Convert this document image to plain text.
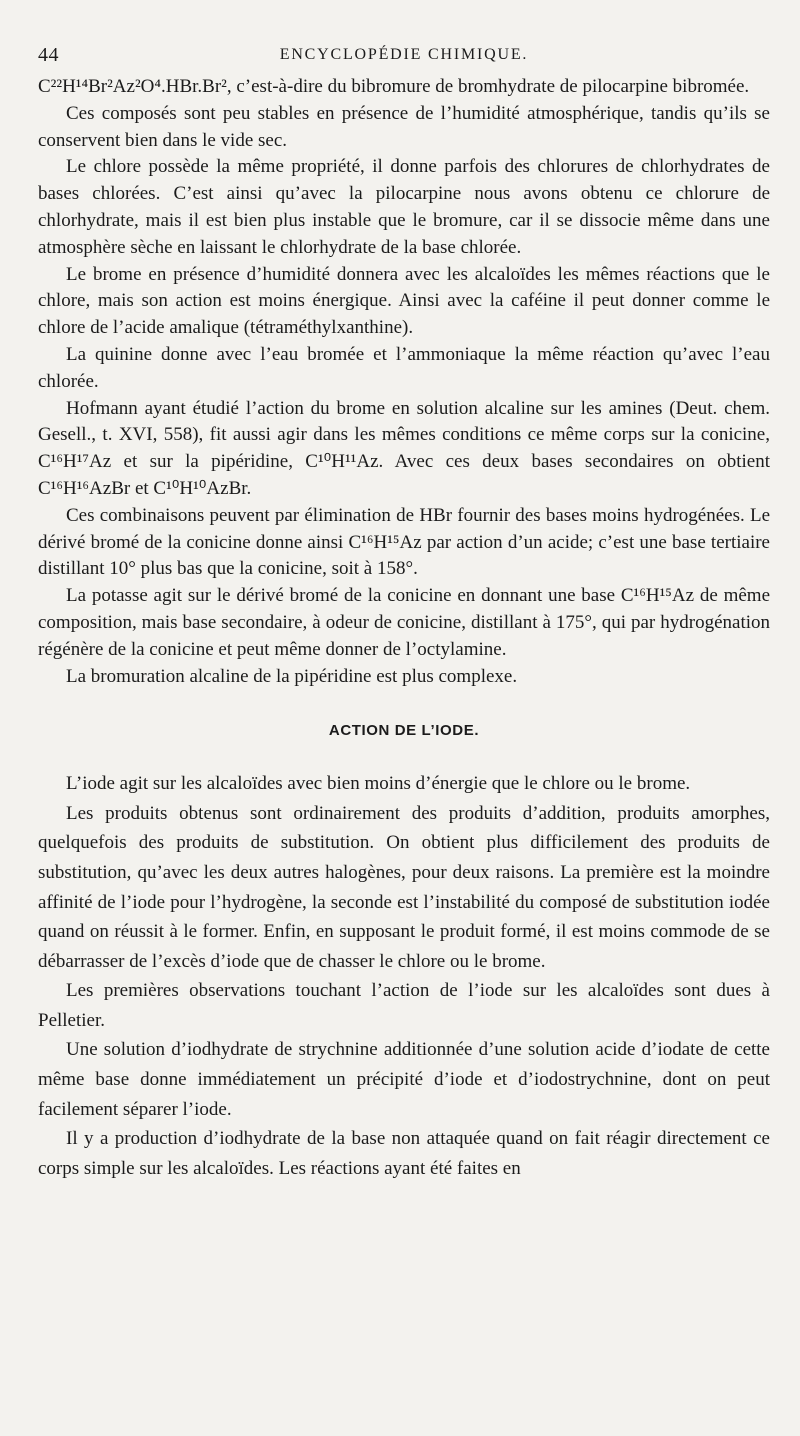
44	ENCYCLOPÉDIE CHIMIQUE.

C²²H¹⁴Br²Az²O⁴.HBr.Br², c’est-à-dire du bibromure de bromhydrate de pilocarpine bibromée.

Ces composés sont peu stables en présence de l’humidité atmosphérique, tandis qu’ils se conservent bien dans le vide sec.

Le chlore possède la même propriété, il donne parfois des chlorures de chlorhydrates de bases chlorées. C’est ainsi qu’avec la pilocarpine nous avons obtenu ce chlorure de chlorhydrate, mais il est bien plus instable que le bromure, car il se dissocie même dans une atmosphère sèche en laissant le chlorhydrate de la base chlorée.

Le brome en présence d’humidité donnera avec les alcaloïdes les mêmes réactions que le chlore, mais son action est moins énergique. Ainsi avec la caféine il peut donner comme le chlore de l’acide amalique (tétraméthylxanthine).

La quinine donne avec l’eau bromée et l’ammoniaque la même réaction qu’avec l’eau chlorée.

Hofmann ayant étudié l’action du brome en solution alcaline sur les amines (Deut. chem. Gesell., t. XVI, 558), fit aussi agir dans les mêmes conditions ce même corps sur la conicine, C¹⁶H¹⁷Az et sur la pipéridine, C¹⁰H¹¹Az. Avec ces deux bases secondaires on obtient C¹⁶H¹⁶AzBr et C¹⁰H¹⁰AzBr.

Ces combinaisons peuvent par élimination de HBr fournir des bases moins hydrogénées. Le dérivé bromé de la conicine donne ainsi C¹⁶H¹⁵Az par action d’un acide; c’est une base tertiaire distillant 10° plus bas que la conicine, soit à 158°.

La potasse agit sur le dérivé bromé de la conicine en donnant une base C¹⁶H¹⁵Az de même composition, mais base secondaire, à odeur de conicine, distillant à 175°, qui par hydrogénation régénère de la conicine et peut même donner de l’octylamine.

La bromuration alcaline de la pipéridine est plus complexe.

ACTION DE L’IODE.

L’iode agit sur les alcaloïdes avec bien moins d’énergie que le chlore ou le brome.

Les produits obtenus sont ordinairement des produits d’addition, produits amorphes, quelquefois des produits de substitution. On obtient plus difficilement des produits de substitution, qu’avec les deux autres halogènes, pour deux raisons. La première est la moindre affinité de l’iode pour l’hydrogène, la seconde est l’instabilité du composé de substitution iodée quand on réussit à le former. Enfin, en supposant le produit formé, il est moins commode de se débarrasser de l’excès d’iode que de chasser le chlore ou le brome.

Les premières observations touchant l’action de l’iode sur les alcaloïdes sont dues à Pelletier.

Une solution d’iodhydrate de strychnine additionnée d’une solution acide d’iodate de cette même base donne immédiatement un précipité d’iode et d’iodostrychnine, dont on peut facilement séparer l’iode.

Il y a production d’iodhydrate de la base non attaquée quand on fait réagir directement ce corps simple sur les alcaloïdes. Les réactions ayant été faites en
